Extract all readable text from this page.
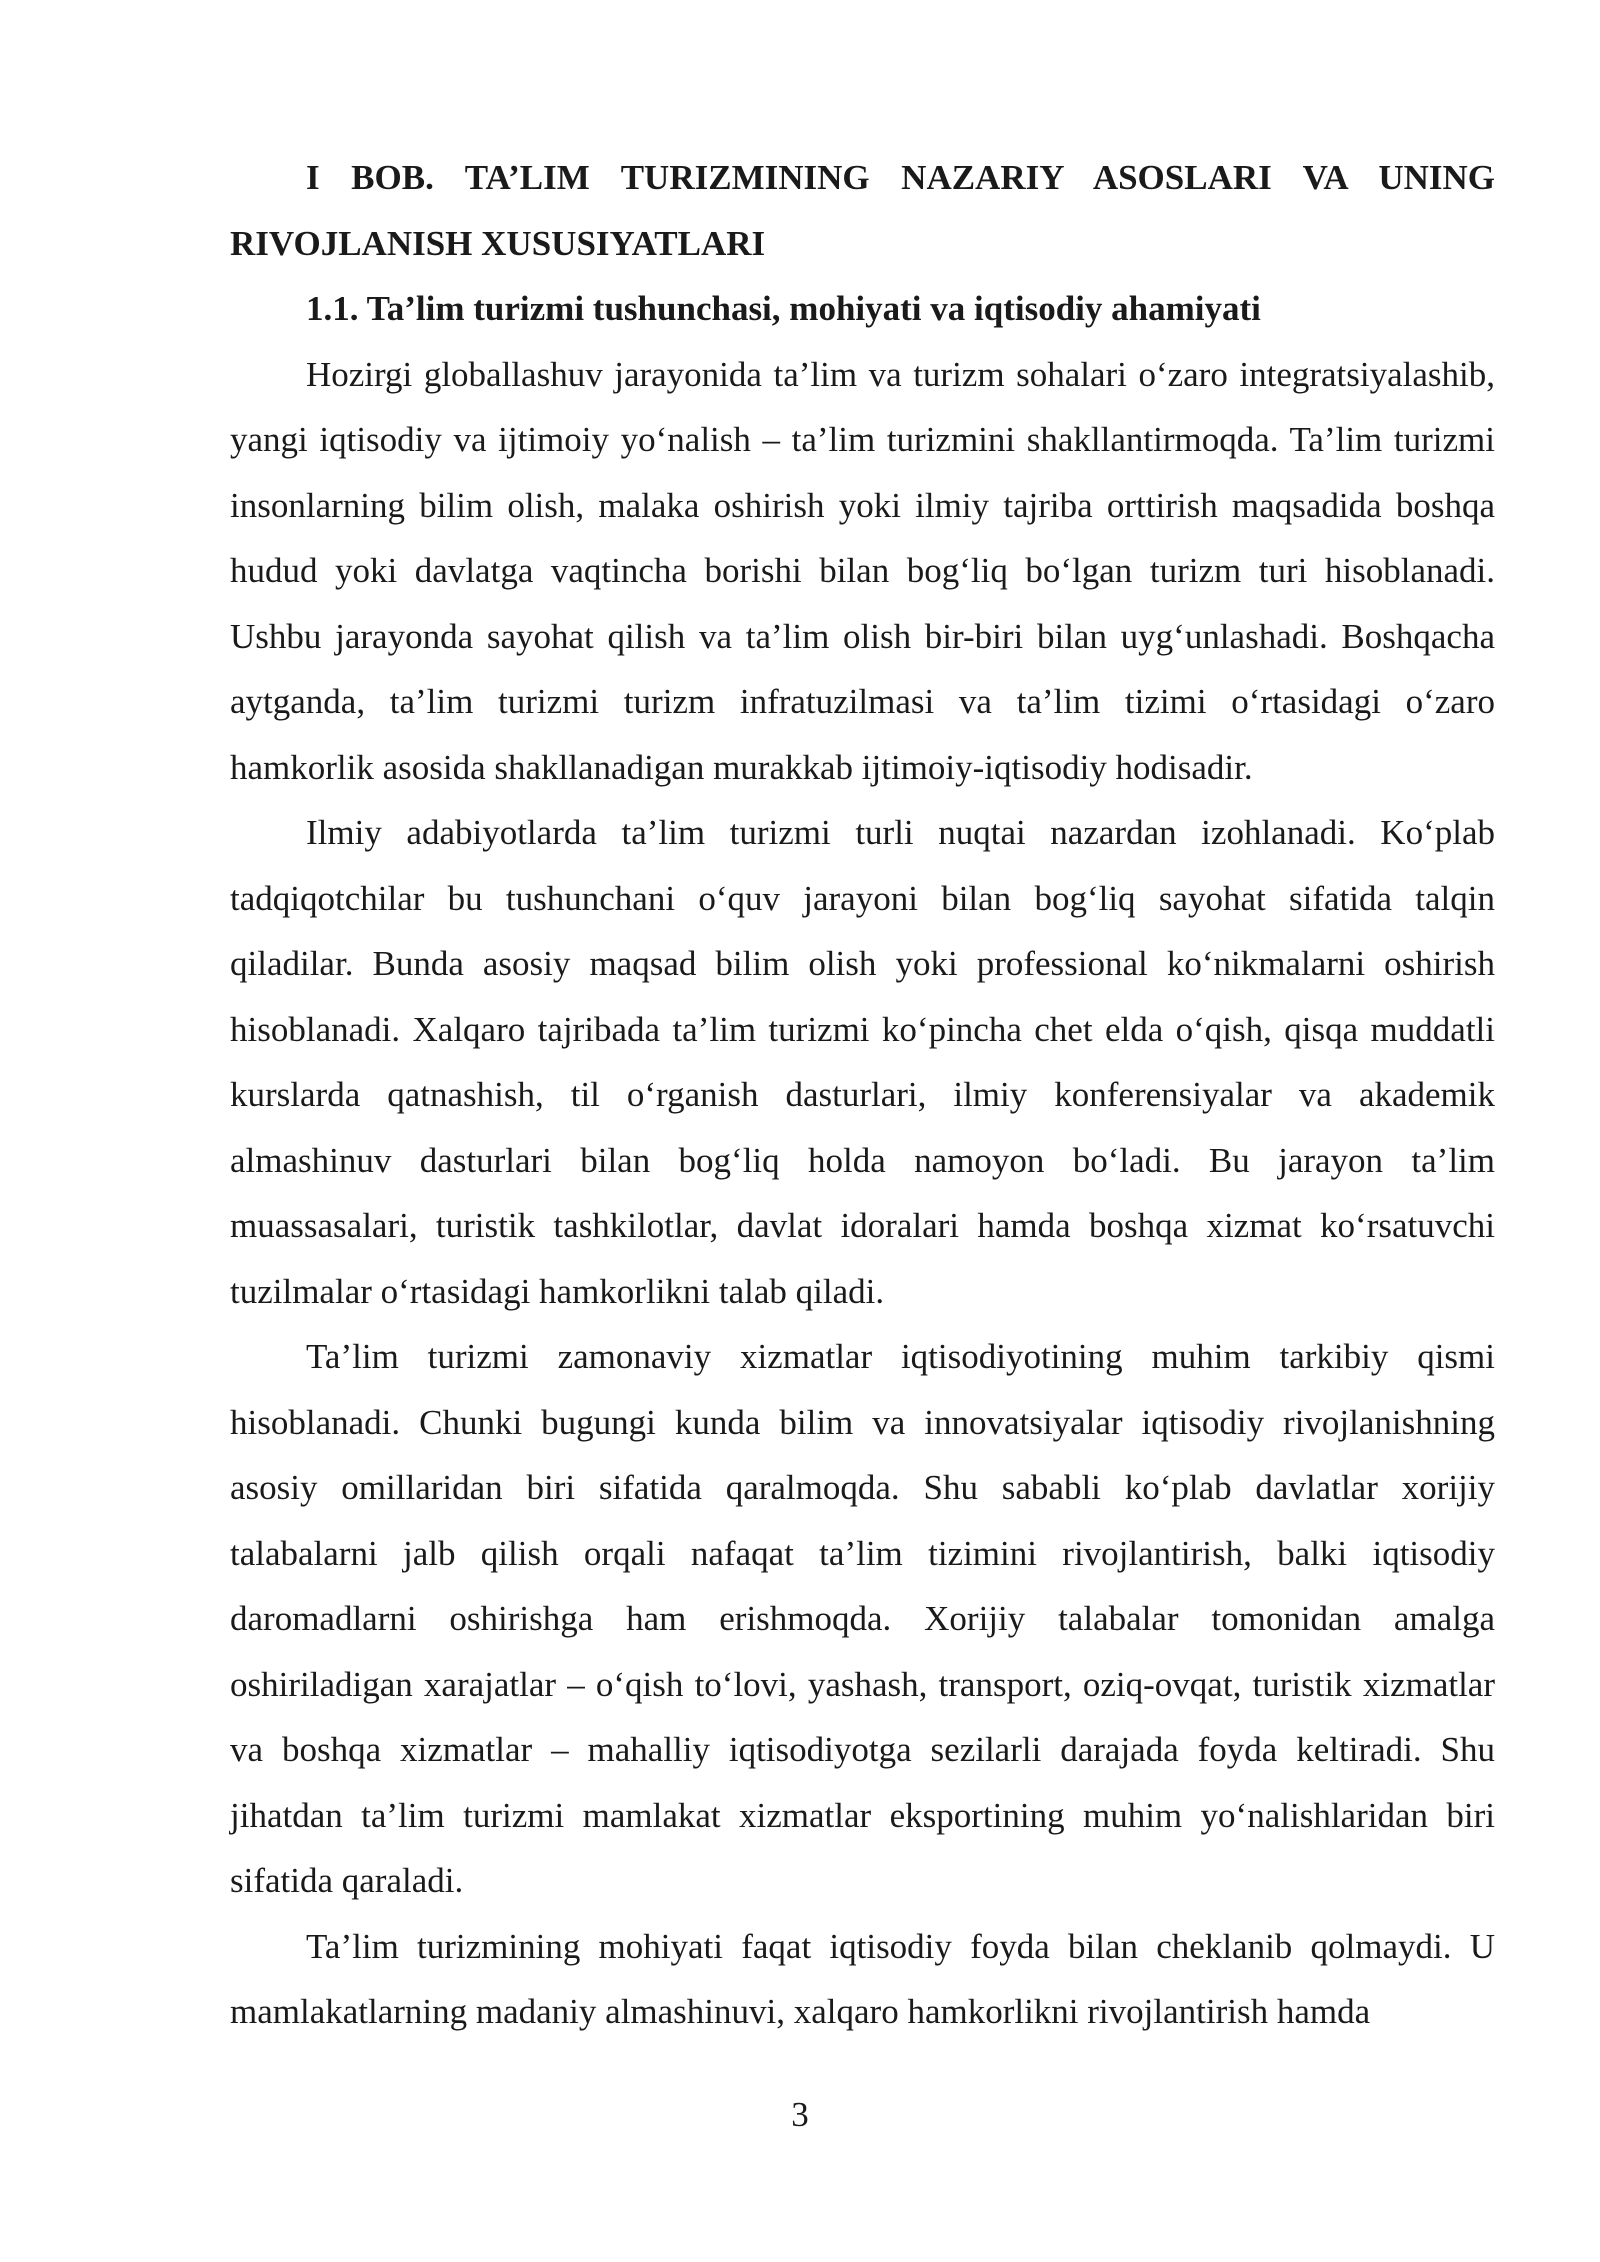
I BOB. TA’LIM TURIZMINING NAZARIY ASOSLARI VA UNING RIVOJLANISH XUSUSIYATLARI

1.1. Ta’lim turizmi tushunchasi, mohiyati va iqtisodiy ahamiyati

Hozirgi globallashuv jarayonida ta’lim va turizm sohalari o‘zaro integratsiyalashib, yangi iqtisodiy va ijtimoiy yo‘nalish – ta’lim turizmini shakllantirmoqda. Ta’lim turizmi insonlarning bilim olish, malaka oshirish yoki ilmiy tajriba orttirish maqsadida boshqa hudud yoki davlatga vaqtincha borishi bilan bog‘liq bo‘lgan turizm turi hisoblanadi. Ushbu jarayonda sayohat qilish va ta’lim olish bir-biri bilan uyg‘unlashadi. Boshqacha aytganda, ta’lim turizmi turizm infratuzilmasi va ta’lim tizimi o‘rtasidagi o‘zaro hamkorlik asosida shakllanadigan murakkab ijtimoiy-iqtisodiy hodisadir.

Ilmiy adabiyotlarda ta’lim turizmi turli nuqtai nazardan izohlanadi. Ko‘plab tadqiqotchilar bu tushunchani o‘quv jarayoni bilan bog‘liq sayohat sifatida talqin qiladilar. Bunda asosiy maqsad bilim olish yoki professional ko‘nikmalarni oshirish hisoblanadi. Xalqaro tajribada ta’lim turizmi ko‘pincha chet elda o‘qish, qisqa muddatli kurslarda qatnashish, til o‘rganish dasturlari, ilmiy konferensiyalar va akademik almashinuv dasturlari bilan bog‘liq holda namoyon bo‘ladi. Bu jarayon ta’lim muassasalari, turistik tashkilotlar, davlat idoralari hamda boshqa xizmat ko‘rsatuvchi tuzilmalar o‘rtasidagi hamkorlikni talab qiladi.

Ta’lim turizmi zamonaviy xizmatlar iqtisodiyotining muhim tarkibiy qismi hisoblanadi. Chunki bugungi kunda bilim va innovatsiyalar iqtisodiy rivojlanishning asosiy omillaridan biri sifatida qaralmoqda. Shu sababli ko‘plab davlatlar xorijiy talabalarni jalb qilish orqali nafaqat ta’lim tizimini rivojlantirish, balki iqtisodiy daromadlarni oshirishga ham erishmoqda. Xorijiy talabalar tomonidan amalga oshiriladigan xarajatlar – o‘qish to‘lovi, yashash, transport, oziq-ovqat, turistik xizmatlar va boshqa xizmatlar – mahalliy iqtisodiyotga sezilarli darajada foyda keltiradi. Shu jihatdan ta’lim turizmi mamlakat xizmatlar eksportining muhim yo‘nalishlaridan biri sifatida qaraladi.

Ta’lim turizmining mohiyati faqat iqtisodiy foyda bilan cheklanib qolmaydi. U mamlakatlarning madaniy almashinuvi, xalqaro hamkorlikni rivojlantirish hamda

3
